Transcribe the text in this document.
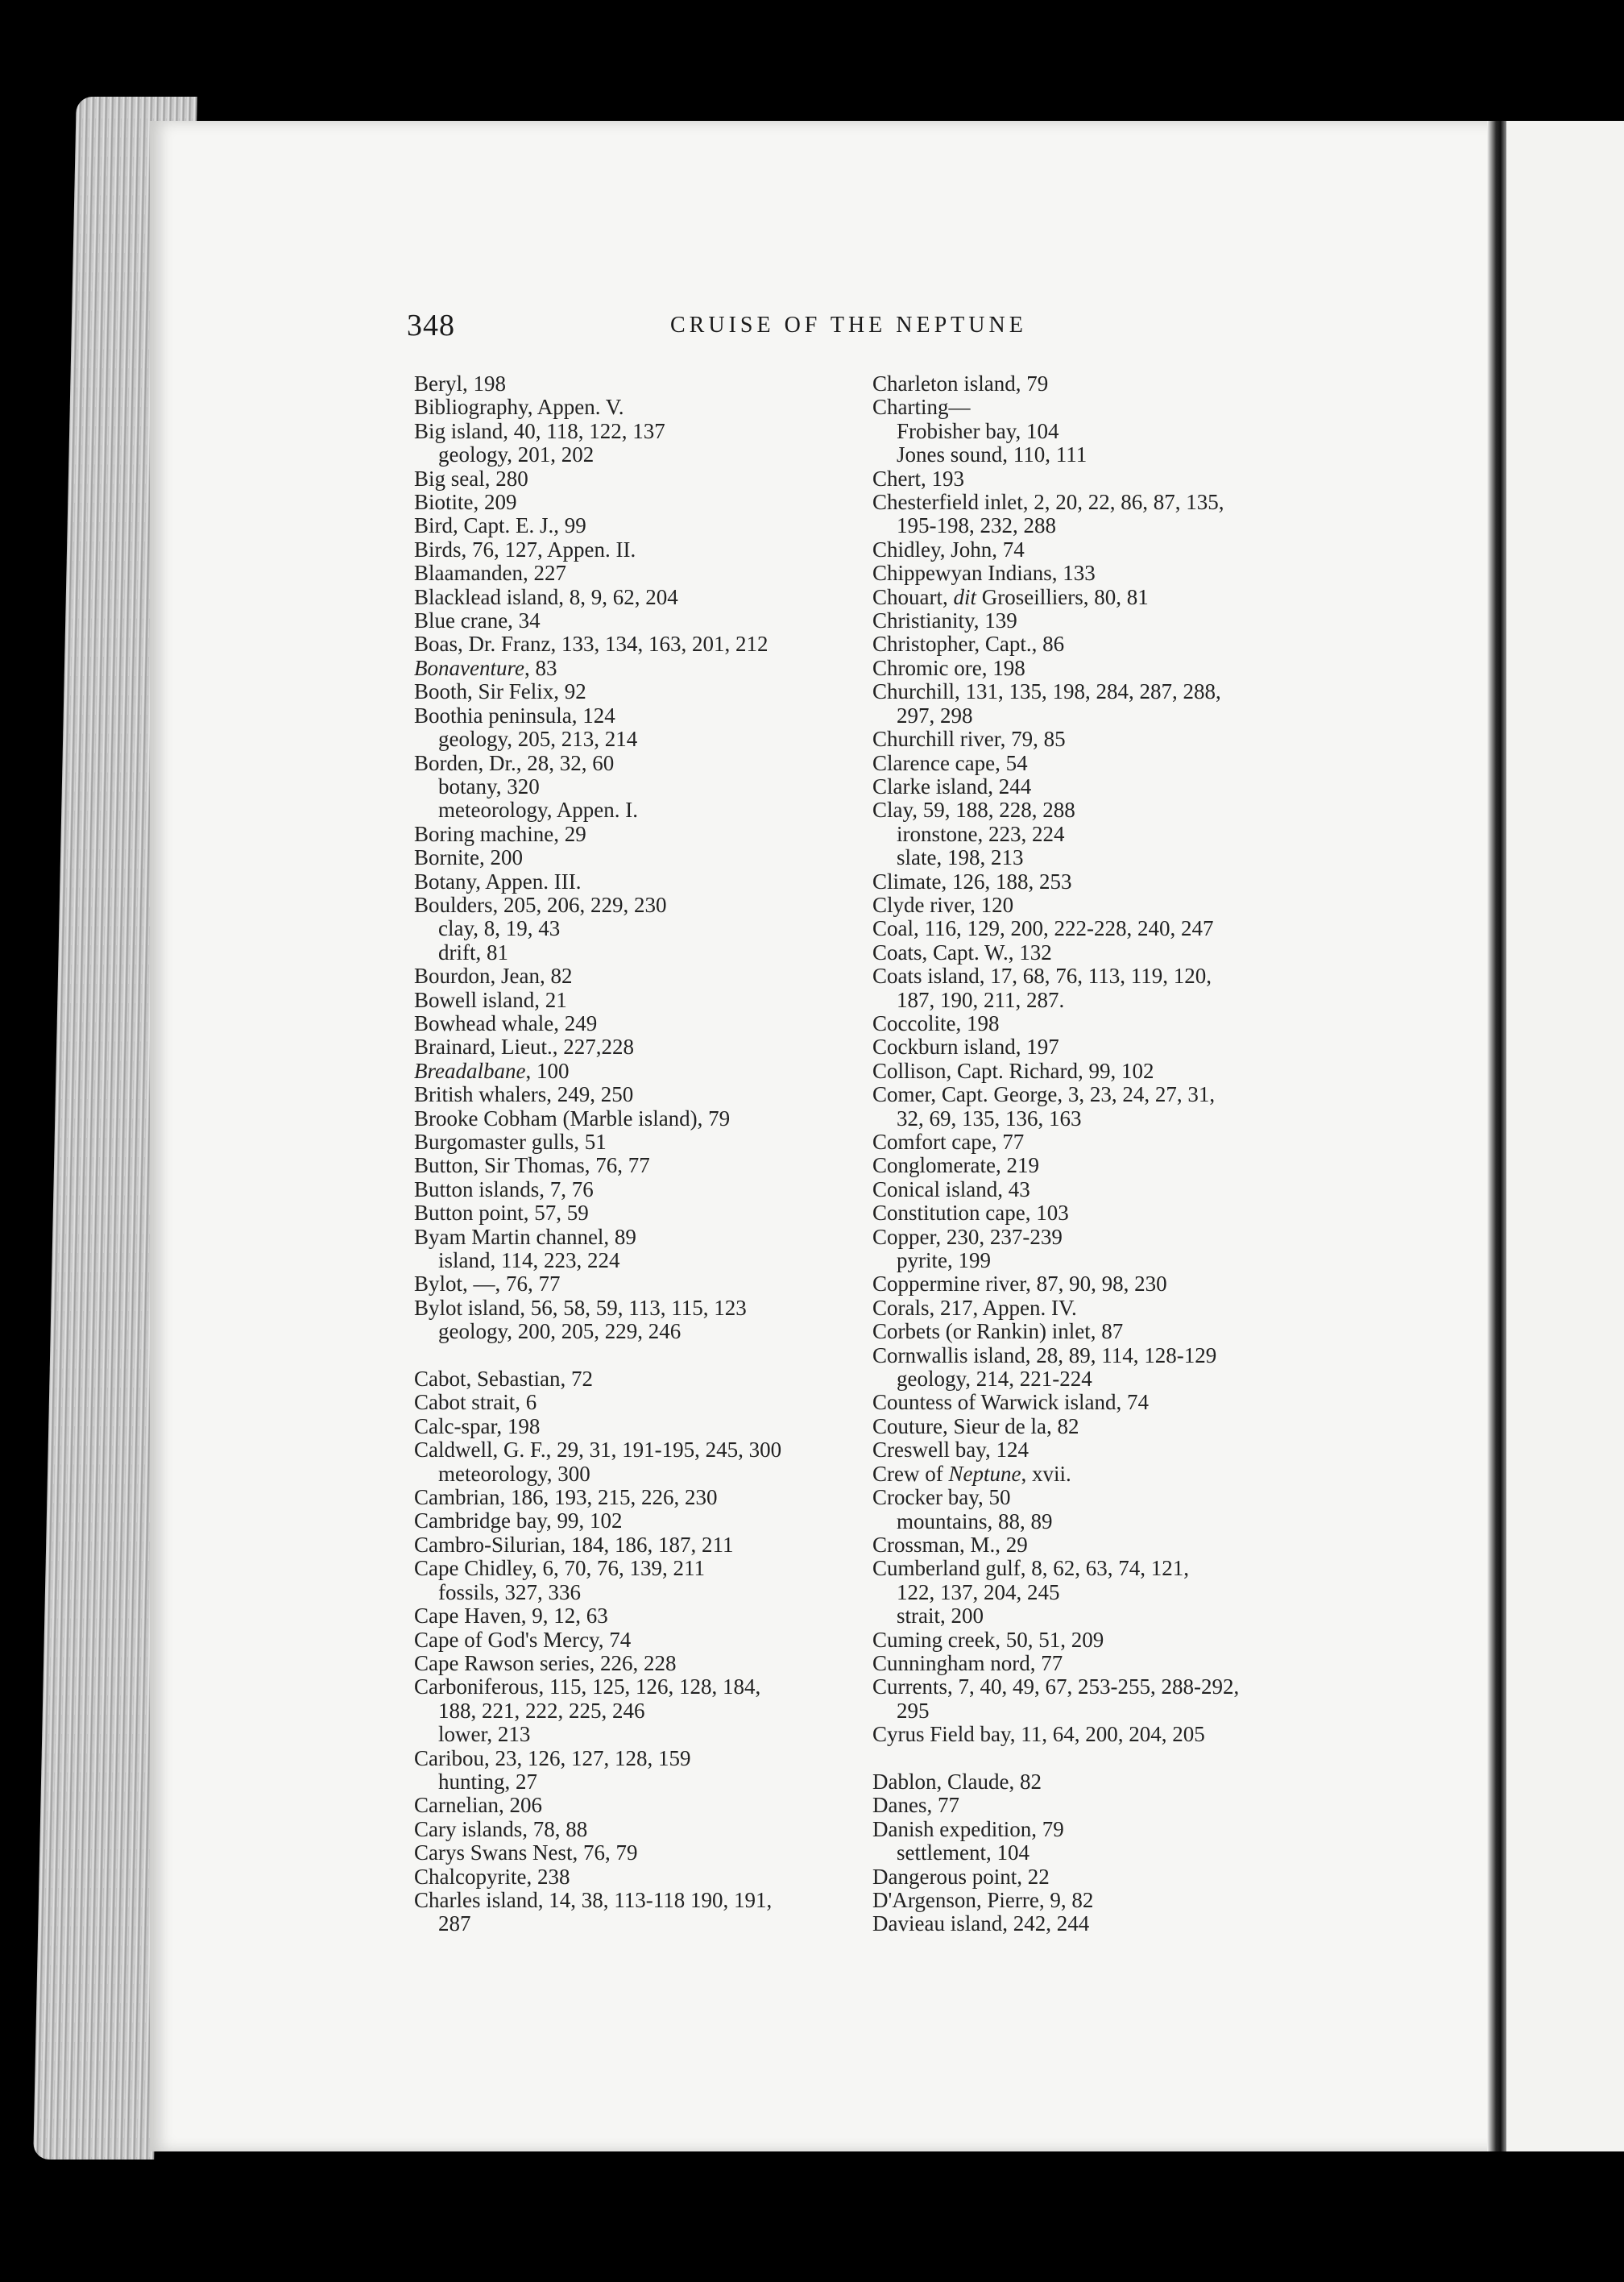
348	CRUISE OF THE NEPTUNE
Beryl, 198
Bibliography, Appen. V.
Big island, 40, 118, 122, 137
geology, 201, 202
Big seal, 280
Biotite, 209
Bird, Capt. E. J., 99
Birds, 76, 127, Appen. II.
Blaamanden, 227
Blacklead island, 8, 9, 62, 204
Blue crane, 34
Boas, Dr. Franz, 133, 134, 163, 201, 212
Bonaventure, 83
Booth, Sir Felix, 92
Boothia peninsula, 124
geology, 205, 213, 214
Borden, Dr., 28, 32, 60
botany, 320
meteorology, Appen. I.
Boring machine, 29
Bornite, 200
Botany, Appen. III.
Boulders, 205, 206, 229, 230
clay, 8, 19, 43
drift, 81
Bourdon, Jean, 82
Bowell island, 21
Bowhead whale, 249
Brainard, Lieut., 227,228
Breadalbane, 100
British whalers, 249, 250
Brooke Cobham (Marble island), 79
Burgomaster gulls, 51
Button, Sir Thomas, 76, 77
Button islands, 7, 76
Button point, 57, 59
Byam Martin channel, 89
island, 114, 223, 224
Bylot, —, 76, 77
Bylot island, 56, 58, 59, 113, 115, 123
geology, 200, 205, 229, 246
Cabot, Sebastian, 72
Cabot strait, 6
Calc-spar, 198
Caldwell, G. F., 29, 31, 191-195, 245, 300
meteorology, 300
Cambrian, 186, 193, 215, 226, 230
Cambridge bay, 99, 102
Cambro-Silurian, 184, 186, 187, 211
Cape Chidley, 6, 70, 76, 139, 211
fossils, 327, 336
Cape Haven, 9, 12, 63
Cape of God's Mercy, 74
Cape Rawson series, 226, 228
Carboniferous, 115, 125, 126, 128, 184,
188, 221, 222, 225, 246
lower, 213
Caribou, 23, 126, 127, 128, 159
hunting, 27
Carnelian, 206
Cary islands, 78, 88
Carys Swans Nest, 76, 79
Chalcopyrite, 238
Charles island, 14, 38, 113-118 190, 191,
287
Charleton island, 79
Charting—
Frobisher bay, 104
Jones sound, 110, 111
Chert, 193
Chesterfield inlet, 2, 20, 22, 86, 87, 135,
195-198, 232, 288
Chidley, John, 74
Chippewyan Indians, 133
Chouart, dit Groseilliers, 80, 81
Christianity, 139
Christopher, Capt., 86
Chromic ore, 198
Churchill, 131, 135, 198, 284, 287, 288,
297, 298
Churchill river, 79, 85
Clarence cape, 54
Clarke island, 244
Clay, 59, 188, 228, 288
ironstone, 223, 224
slate, 198, 213
Climate, 126, 188, 253
Clyde river, 120
Coal, 116, 129, 200, 222-228, 240, 247
Coats, Capt. W., 132
Coats island, 17, 68, 76, 113, 119, 120,
187, 190, 211, 287.
Coccolite, 198
Cockburn island, 197
Collison, Capt. Richard, 99, 102
Comer, Capt. George, 3, 23, 24, 27, 31,
32, 69, 135, 136, 163
Comfort cape, 77
Conglomerate, 219
Conical island, 43
Constitution cape, 103
Copper, 230, 237-239
pyrite, 199
Coppermine river, 87, 90, 98, 230
Corals, 217, Appen. IV.
Corbets (or Rankin) inlet, 87
Cornwallis island, 28, 89, 114, 128-129
geology, 214, 221-224
Countess of Warwick island, 74
Couture, Sieur de la, 82
Creswell bay, 124
Crew of Neptune, xvii.
Crocker bay, 50
mountains, 88, 89
Crossman, M., 29
Cumberland gulf, 8, 62, 63, 74, 121,
122, 137, 204, 245
strait, 200
Cuming creek, 50, 51, 209
Cunningham nord, 77
Currents, 7, 40, 49, 67, 253-255, 288-292,
295
Cyrus Field bay, 11, 64, 200, 204, 205
Dablon, Claude, 82
Danes, 77
Danish expedition, 79
settlement, 104
Dangerous point, 22
D'Argenson, Pierre, 9, 82
Davieau island, 242, 244
